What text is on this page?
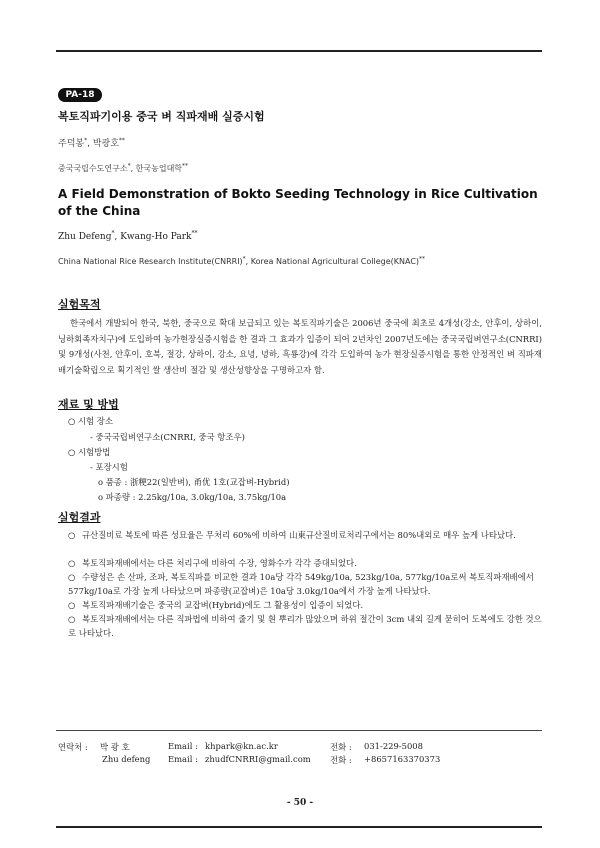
PA-18
복토직파기이용 중국 벼 직파재배 실증시험
주덕봉*, 박광호**
중국국립수도연구소*, 한국농업대학**
A Field Demonstration of Bokto Seeding Technology in Rice Cultivation of the China
Zhu Defeng*, Kwang-Ho Park**
China National Rice Research Institute(CNRRI)*, Korea National Agricultural College(KNAC)**
실험목적
한국에서 개발되어 한국, 북한, 중국으로 확대 보급되고 있는 복토직파기술은 2006년 중국에 최초로 4개성(강소, 안후이, 상하이, 닝하회족자치구)에 도입하여 농가현장실증시험을 한 결과 그 효과가 입증이 되어 2년차인 2007년도에는 중국국립벼연구소(CNRRI) 및 9개성(사천, 안후이, 호북, 절강, 상하이, 강소, 요녕, 녕하, 흑룡강)에 각각 도입하여 농가 현장실증시험을 통한 안정적인 벼 직파재배기술확립으로 획기적인 쌀 생산비 절감 및 생산성향상을 구명하고자 함.
재료 및 방법
○ 시험 장소
- 중국국립벼연구소(CNRRI, 중국 항조우)
○ 시험방법
- 포장시험
o 품종 : 浙粳22(일반벼), 甬优 1호(교잡벼-Hybrid)
o 파종량 : 2.25kg/10a, 3.0kg/10a, 3.75kg/10a
실험결과
○ 규산질비료 복토에 따른 성묘율은 무처리 60%에 비하여 山東규산질비료처리구에서는 80%내외로 매우 높게 나타났다.
○ 복토직파재배에서는 다른 처리구에 비하여 수장, 영화수가 각각 증대되었다.
○ 수량성은 손 산파, 조파, 복토직파를 비교한 결과 10a당 각각 549kg/10a, 523kg/10a, 577kg/10a로써 복토직파재배에서 577kg/10a로 가장 높게 나타났으며 파종량(교잡벼)은 10a당 3.0kg/10a에서 가장 높게 나타났다.
○ 복토직파재배기술은 중국의 교잡벼(Hybrid)에도 그 활용성이 입증이 되었다.
○ 복토직파재배에서는 다른 직파법에 비하여 줄기 및 흰 뿌리가 많았으며 하위 절간이 3cm 내외 길게 묻히어 도복에도 강한 것으로 나타났다.
연락처 : 박 광 호
Zhu defeng
Email :
Email :
khpark@kn.ac.kr
zhudfCNRRI@gmail.com
전화 :
전화 :
031-229-5008
+8657163370373
- 50 -
